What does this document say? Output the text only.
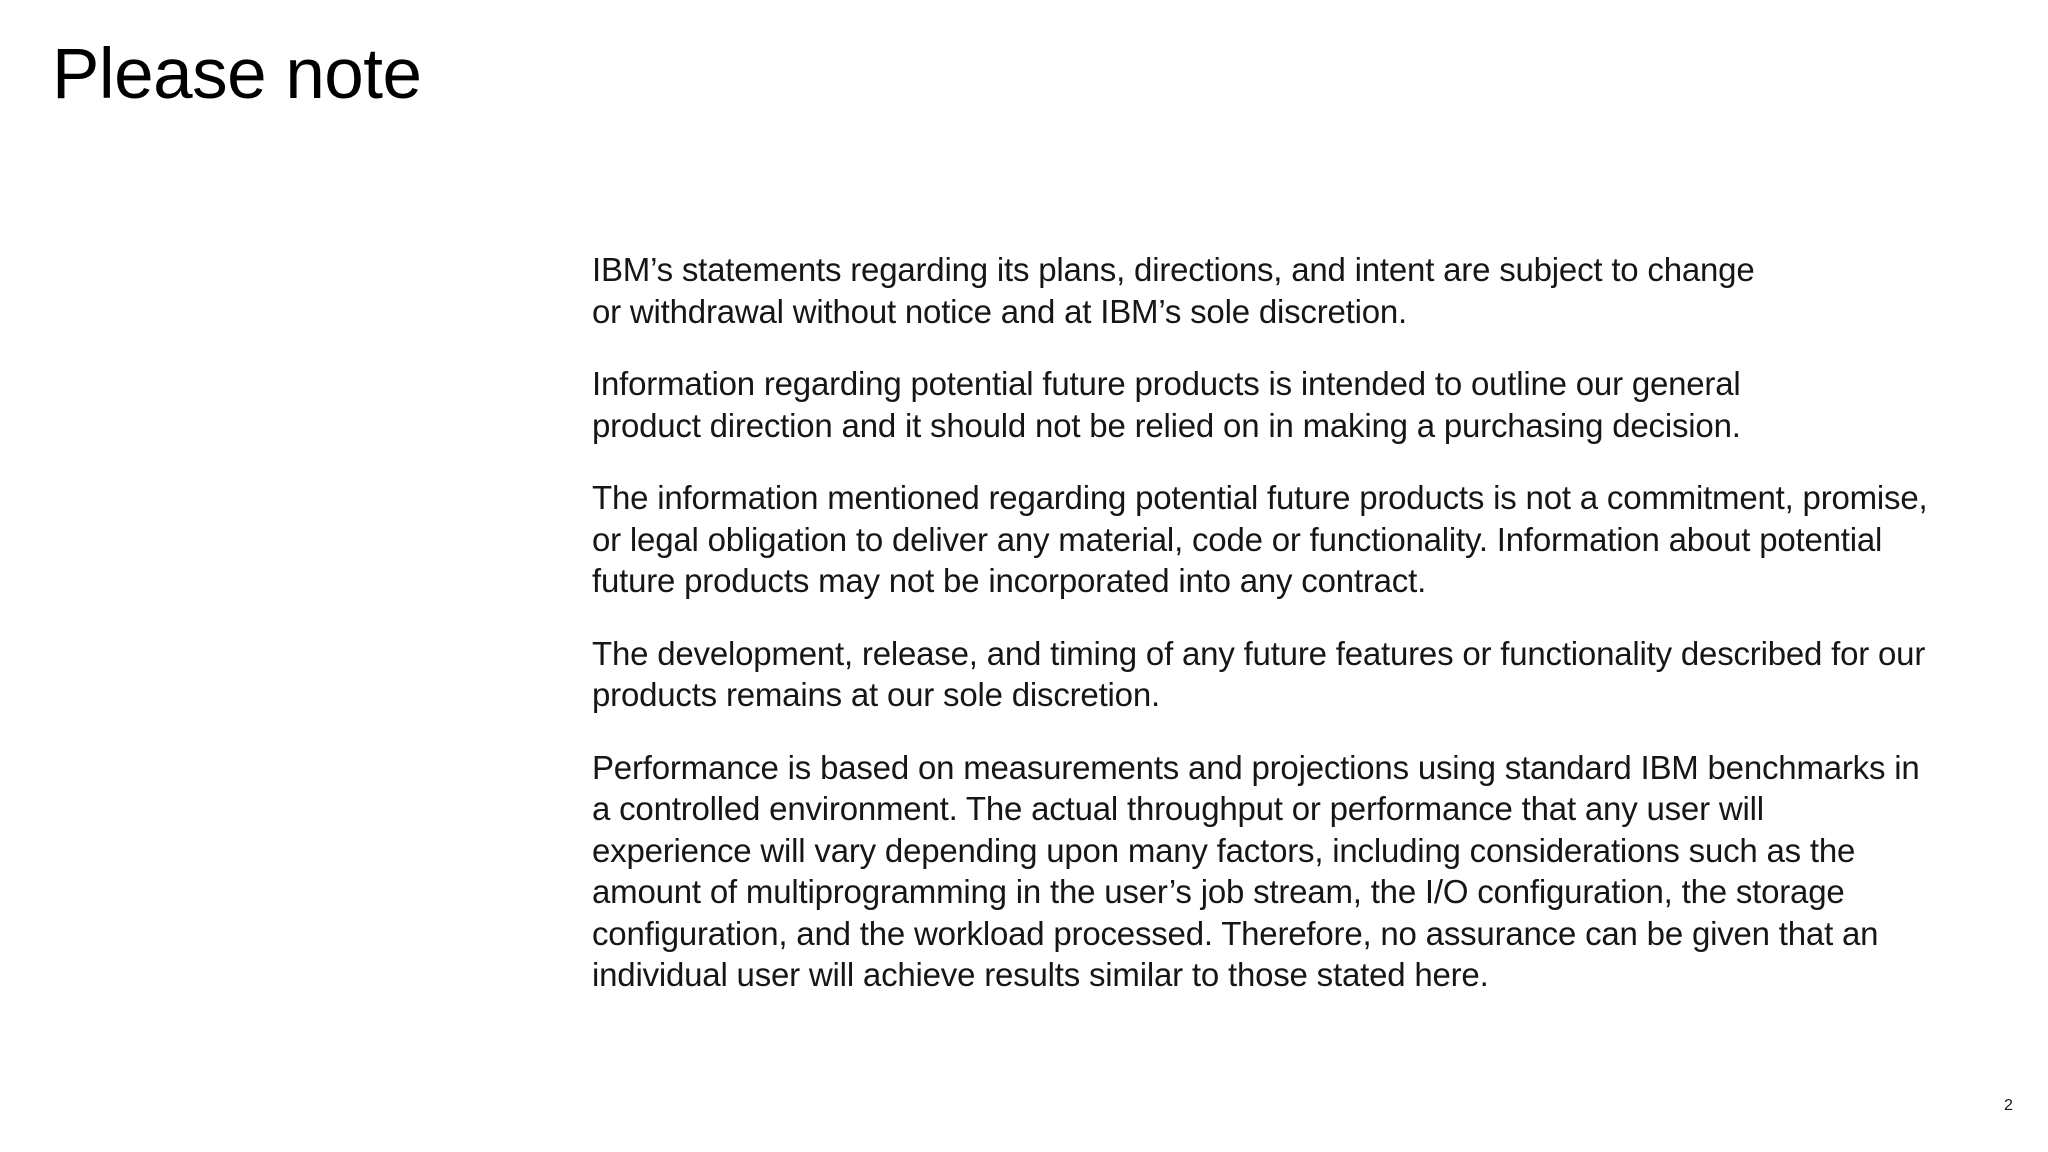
Please note

IBM’s statements regarding its plans, directions, and intent are subject to change
or withdrawal without notice and at IBM’s sole discretion.

Information regarding potential future products is intended to outline our general
product direction and it should not be relied on in making a purchasing decision.

The information mentioned regarding potential future products is not a commitment, promise,
or legal obligation to deliver any material, code or functionality. Information about potential
future products may not be incorporated into any contract.

The development, release, and timing of any future features or functionality described for our
products remains at our sole discretion.

Performance is based on measurements and projections using standard IBM benchmarks in
a controlled environment. The actual throughput or performance that any user will
experience will vary depending upon many factors, including considerations such as the
amount of multiprogramming in the user’s job stream, the I/O configuration, the storage
configuration, and the workload processed. Therefore, no assurance can be given that an
individual user will achieve results similar to those stated here.

2
